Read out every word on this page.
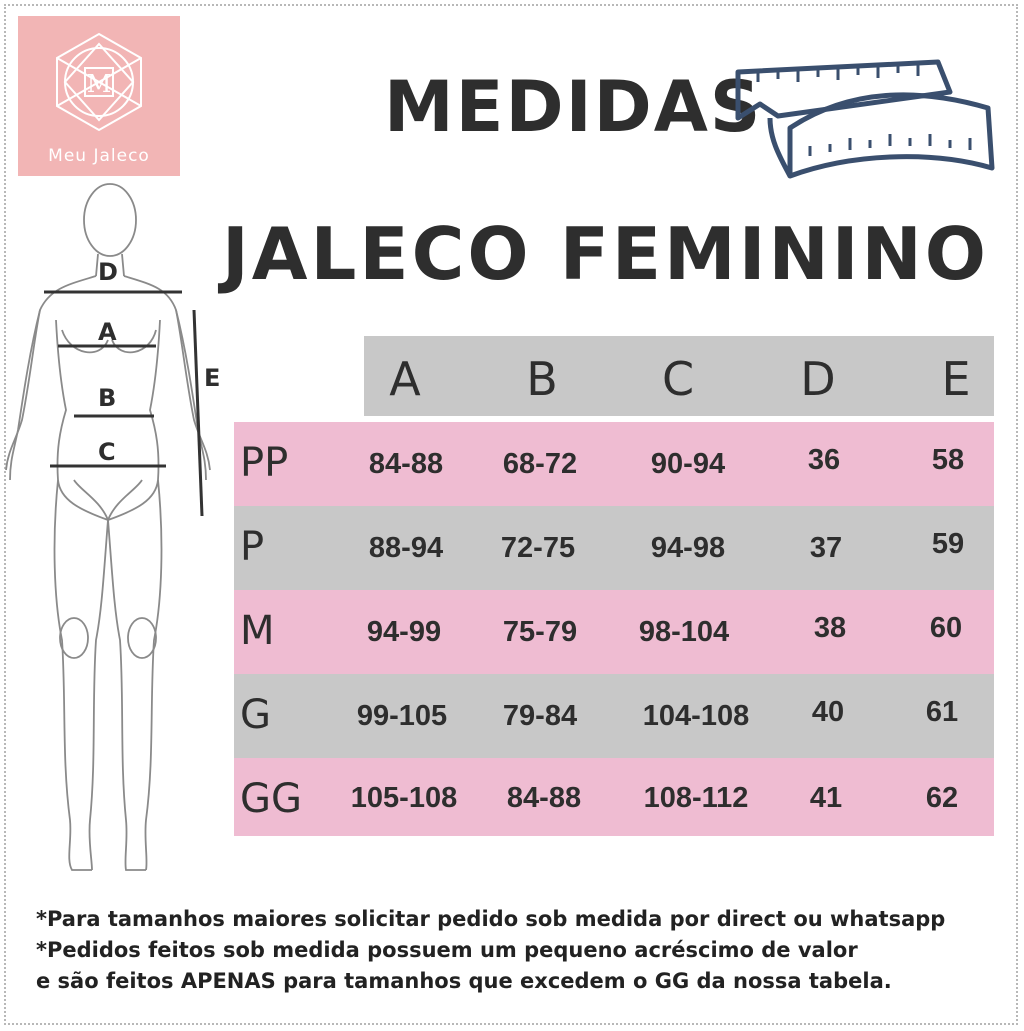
M
Meu Jaleco
MEDIDAS
JALECO FEMININO
D
A
B
C
E	A	B	C	D	E
PP	84-88	68-72	90-94	36	58
P	88-94	72-75	94-98	37	59
M	94-99	75-79	98-104	38	60
G	99-105	79-84	104-108	40	61
GG	105-108	84-88	108-112	41	62
*Para tamanhos maiores solicitar pedido sob medida por direct ou whatsapp
*Pedidos feitos sob medida possuem um pequeno acréscimo de valor
e são feitos APENAS para tamanhos que excedem o GG da nossa tabela.
